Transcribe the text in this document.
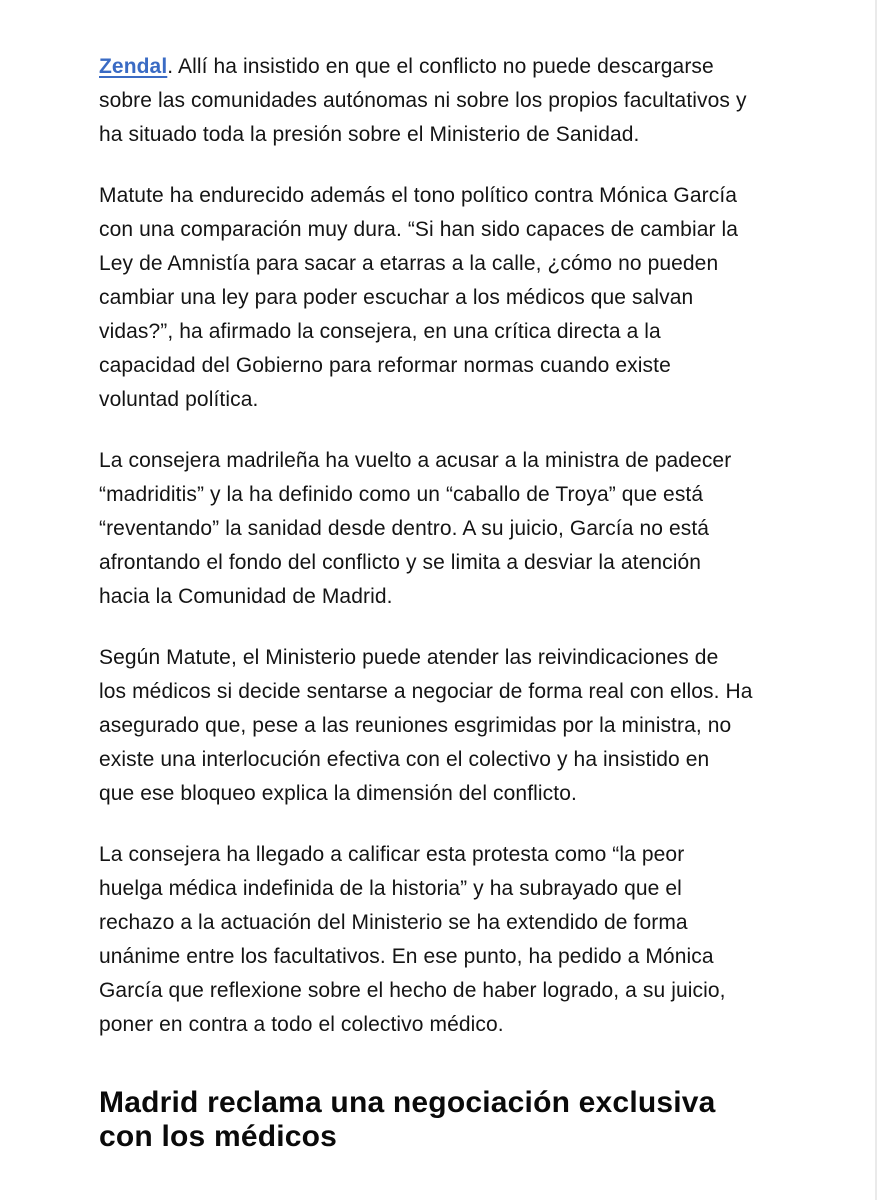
Zendal. Allí ha insistido en que el conflicto no puede descargarse
sobre las comunidades autónomas ni sobre los propios facultativos y
ha situado toda la presión sobre el Ministerio de Sanidad.

Matute ha endurecido además el tono político contra Mónica García
con una comparación muy dura. “Si han sido capaces de cambiar la
Ley de Amnistía para sacar a etarras a la calle, ¿cómo no pueden
cambiar una ley para poder escuchar a los médicos que salvan
vidas?”, ha afirmado la consejera, en una crítica directa a la
capacidad del Gobierno para reformar normas cuando existe
voluntad política.

La consejera madrileña ha vuelto a acusar a la ministra de padecer
“madriditis” y la ha definido como un “caballo de Troya” que está
“reventando” la sanidad desde dentro. A su juicio, García no está
afrontando el fondo del conflicto y se limita a desviar la atención
hacia la Comunidad de Madrid.

Según Matute, el Ministerio puede atender las reivindicaciones de
los médicos si decide sentarse a negociar de forma real con ellos. Ha
asegurado que, pese a las reuniones esgrimidas por la ministra, no
existe una interlocución efectiva con el colectivo y ha insistido en
que ese bloqueo explica la dimensión del conflicto.

La consejera ha llegado a calificar esta protesta como “la peor
huelga médica indefinida de la historia” y ha subrayado que el
rechazo a la actuación del Ministerio se ha extendido de forma
unánime entre los facultativos. En ese punto, ha pedido a Mónica
García que reflexione sobre el hecho de haber logrado, a su juicio,
poner en contra a todo el colectivo médico.

Madrid reclama una negociación exclusiva
con los médicos
